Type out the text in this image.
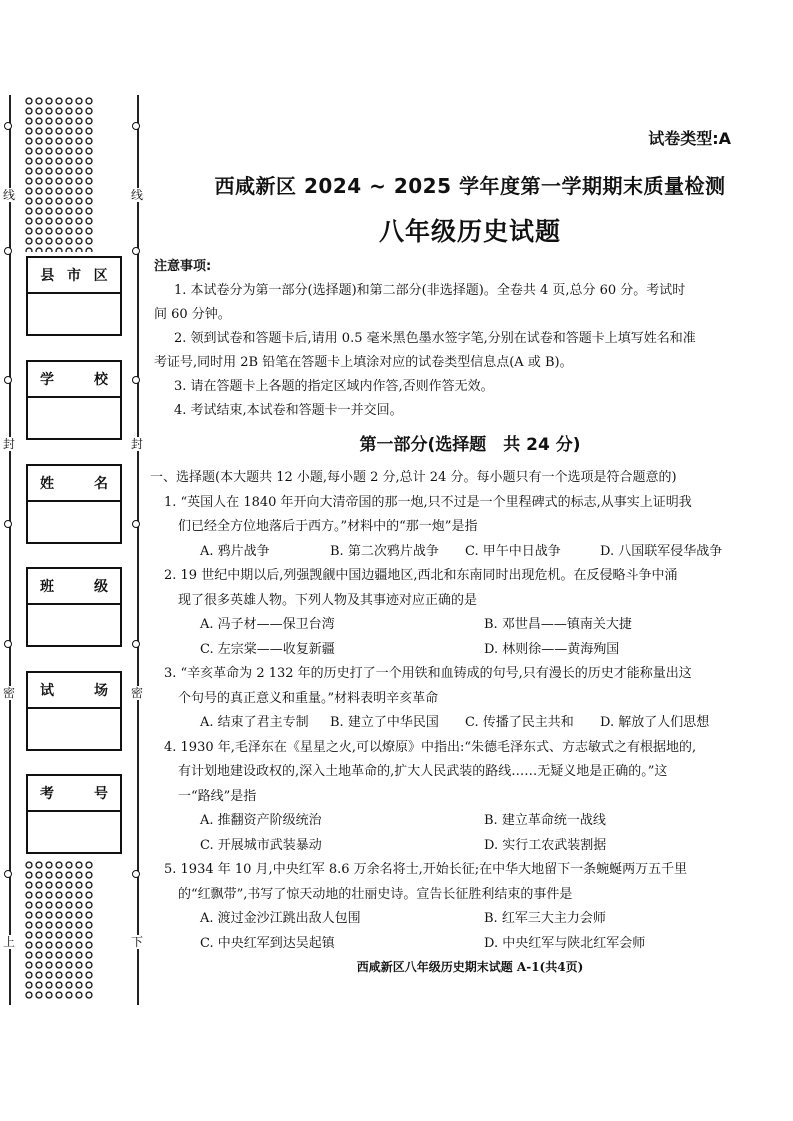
线	线
封	封
密	密
上	下
县 市 区
学	校
姓	名
班	级
试	场
考	号
试卷类型:A
西咸新区 2024 ~ 2025 学年度第一学期期末质量检测
八年级历史试题
注意事项:
1. 本试卷分为第一部分(选择题)和第二部分(非选择题)。全卷共 4 页,总分 60 分。考试时
间 60 分钟。
2. 领到试卷和答题卡后,请用 0.5 毫米黑色墨水签字笔,分别在试卷和答题卡上填写姓名和准
考证号,同时用 2B 铅笔在答题卡上填涂对应的试卷类型信息点(A 或 B)。
3. 请在答题卡上各题的指定区域内作答,否则作答无效。
4. 考试结束,本试卷和答题卡一并交回。
第一部分(选择题　共 24 分)
一、选择题(本大题共 12 小题,每小题 2 分,总计 24 分。每小题只有一个选项是符合题意的)
1. “英国人在 1840 年开向大清帝国的那一炮,只不过是一个里程碑式的标志,从事实上证明我
们已经全方位地落后于西方。”材料中的“那一炮”是指
A. 鸦片战争	B. 第二次鸦片战争	C. 甲午中日战争	D. 八国联军侵华战争
2. 19 世纪中期以后,列强觊觎中国边疆地区,西北和东南同时出现危机。在反侵略斗争中涌
现了很多英雄人物。下列人物及其事迹对应正确的是
A. 冯子材——保卫台湾	B. 邓世昌——镇南关大捷
C. 左宗棠——收复新疆	D. 林则徐——黄海殉国
3. “辛亥革命为 2 132 年的历史打了一个用铁和血铸成的句号,只有漫长的历史才能称量出这
个句号的真正意义和重量。”材料表明辛亥革命
A. 结束了君主专制	B. 建立了中华民国	C. 传播了民主共和	D. 解放了人们思想
4. 1930 年,毛泽东在《星星之火,可以燎原》中指出:“朱德毛泽东式、方志敏式之有根据地的,
有计划地建设政权的,深入土地革命的,扩大人民武装的路线……无疑义地是正确的。”这
一“路线”是指
A. 推翻资产阶级统治	B. 建立革命统一战线
C. 开展城市武装暴动	D. 实行工农武装割据
5. 1934 年 10 月,中央红军 8.6 万余名将士,开始长征;在中华大地留下一条蜿蜒两万五千里
的“红飘带”,书写了惊天动地的壮丽史诗。宣告长征胜利结束的事件是
A. 渡过金沙江跳出敌人包围	B. 红军三大主力会师
C. 中央红军到达吴起镇	D. 中央红军与陕北红军会师
西咸新区八年级历史期末试题 A-1(共4页)
